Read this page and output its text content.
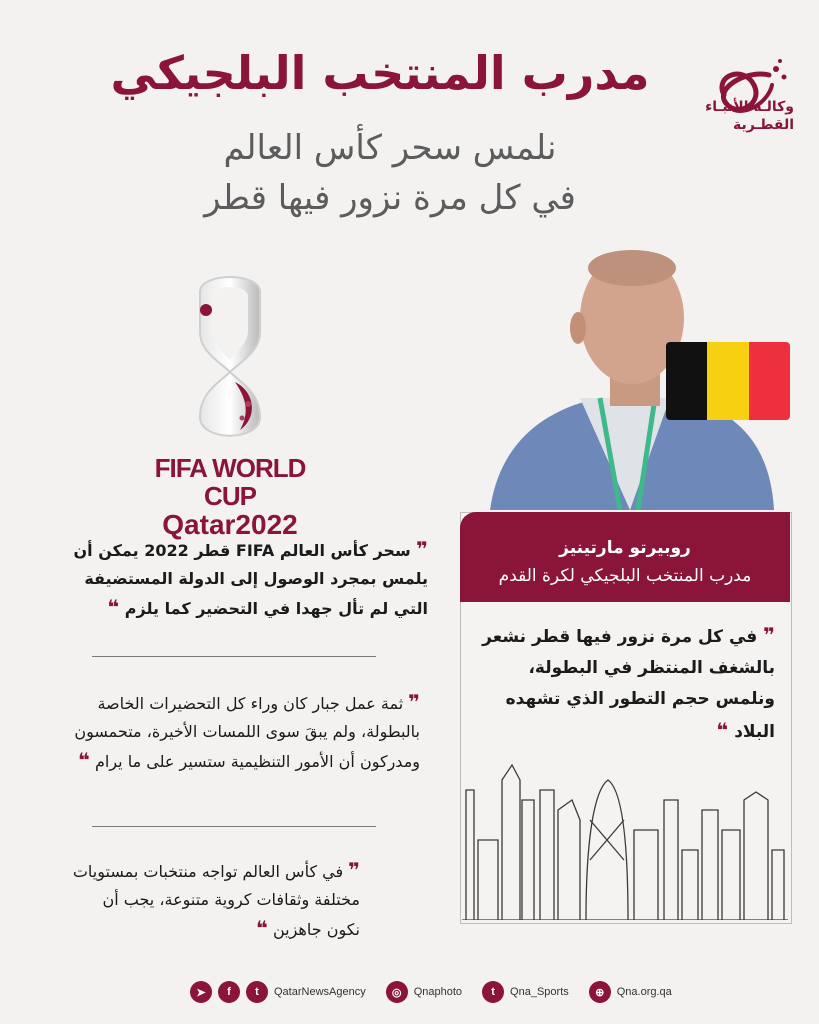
مدرب المنتخب البلجيكي
نلمس سحر كأس العالم
في كل مرة نزور فيها قطر
وكالـة الأنبـاء
القطـرية
FIFA WORLD CUP
Qatar2022
روبيرتو مارتينيز
مدرب المنتخب البلجيكي لكرة القدم
❞ في كل مرة نزور فيها قطر نشعر بالشغف المنتظر في البطولة، ونلمس حجم التطور الذي تشهده البلاد ❝
❞ سحر كأس العالم FIFA قطر 2022 يمكن أن يلمس بمجرد الوصول إلى الدولة المستضيفة التي لم تأل جهدا في التحضير كما يلزم ❝
❞ ثمة عمل جبار كان وراء كل التحضيرات الخاصة بالبطولة، ولم يبقَ سوى اللمسات الأخيرة، متحمسون ومدركون أن الأمور التنظيمية ستسير على ما يرام ❝
❞ في كأس العالم تواجه منتخبات بمستويات مختلفة وثقافات كروية متنوعة، يجب أن نكون جاهزين ❝
➤	f	t	QatarNewsAgency	◎	Qnaphoto	t	Qna_Sports	⊕	Qna.org.qa
